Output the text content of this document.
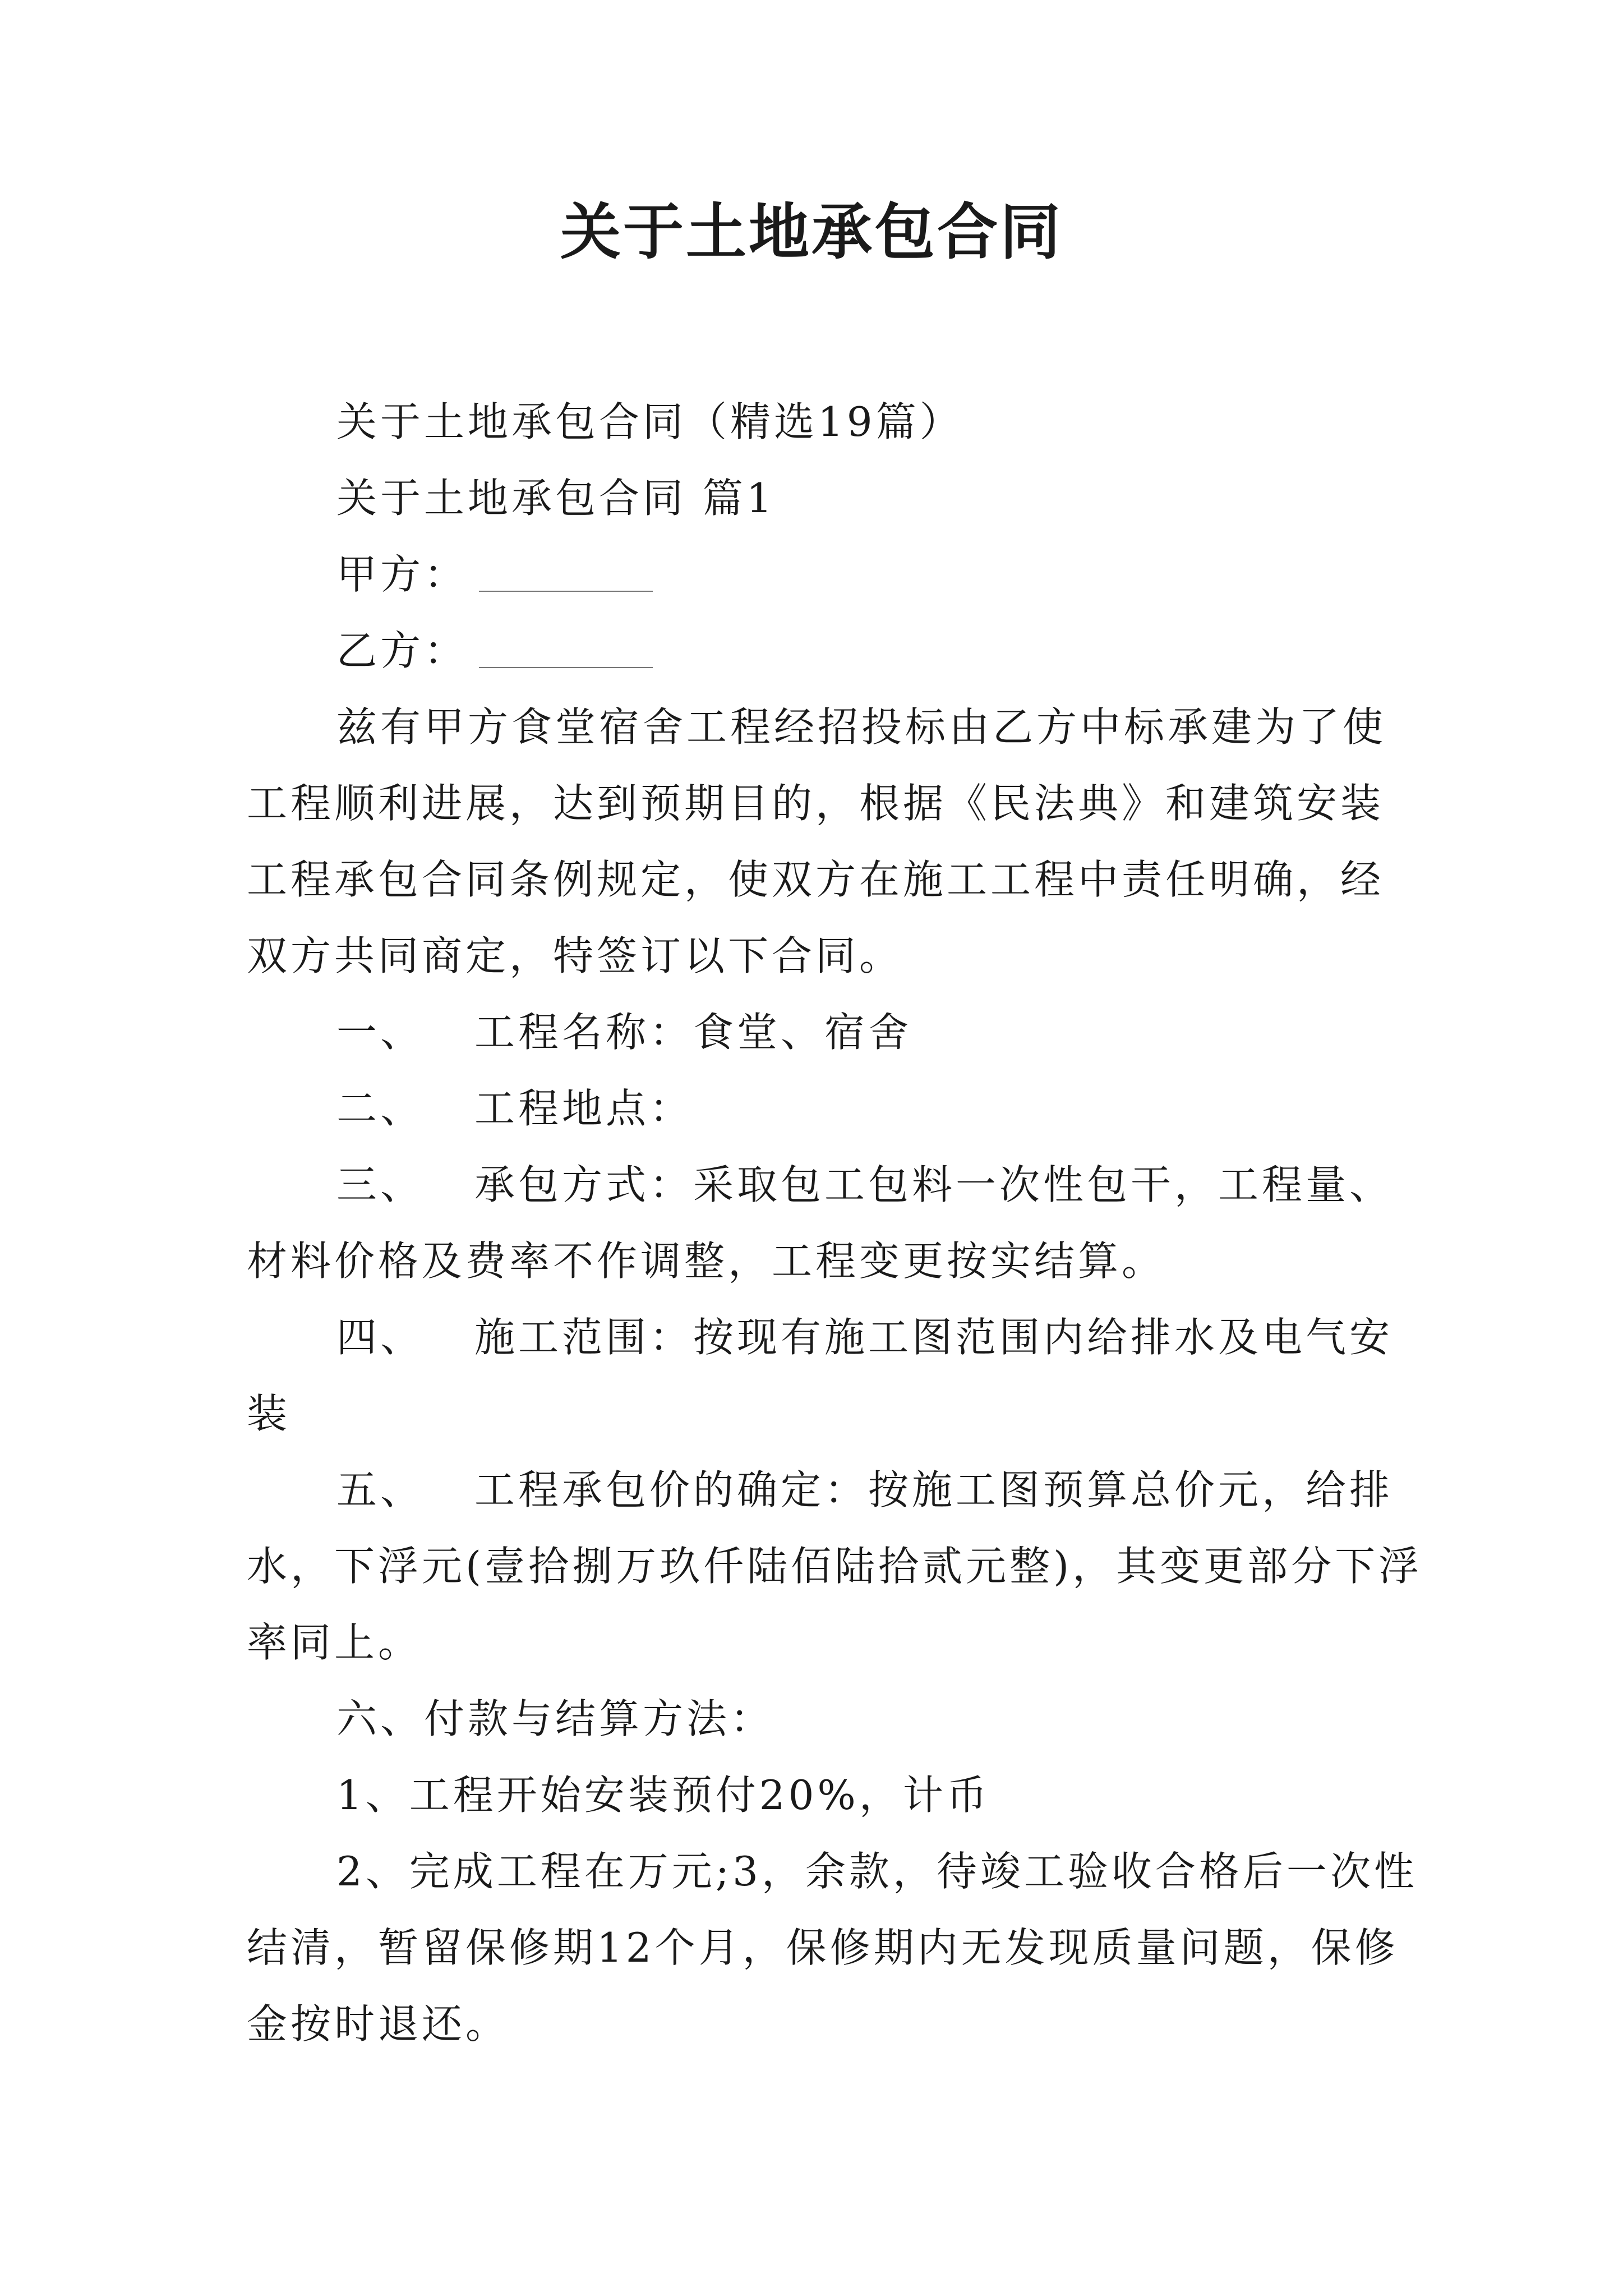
关于土地承包合同

关于土地承包合同（精选19篇）

关于土地承包合同 篇1

甲方：

乙方：

兹有甲方食堂宿舍工程经招投标由乙方中标承建为了使工程顺利进展，达到预期目的，根据《民法典》和建筑安装工程承包合同条例规定，使双方在施工工程中责任明确，经双方共同商定，特签订以下合同。

一、 工程名称：食堂、宿舍

二、 工程地点：

三、 承包方式：采取包工包料一次性包干，工程量、材料价格及费率不作调整，工程变更按实结算。

四、 施工范围：按现有施工图范围内给排水及电气安装

五、 工程承包价的确定：按施工图预算总价元，给排水，下浮元(壹拾捌万玖仟陆佰陆拾贰元整)，其变更部分下浮率同上。

六、付款与结算方法：

1、工程开始安装预付20%，计币

2、完成工程在万元;3，余款，待竣工验收合格后一次性结清，暂留保修期12个月，保修期内无发现质量问题，保修金按时退还。
